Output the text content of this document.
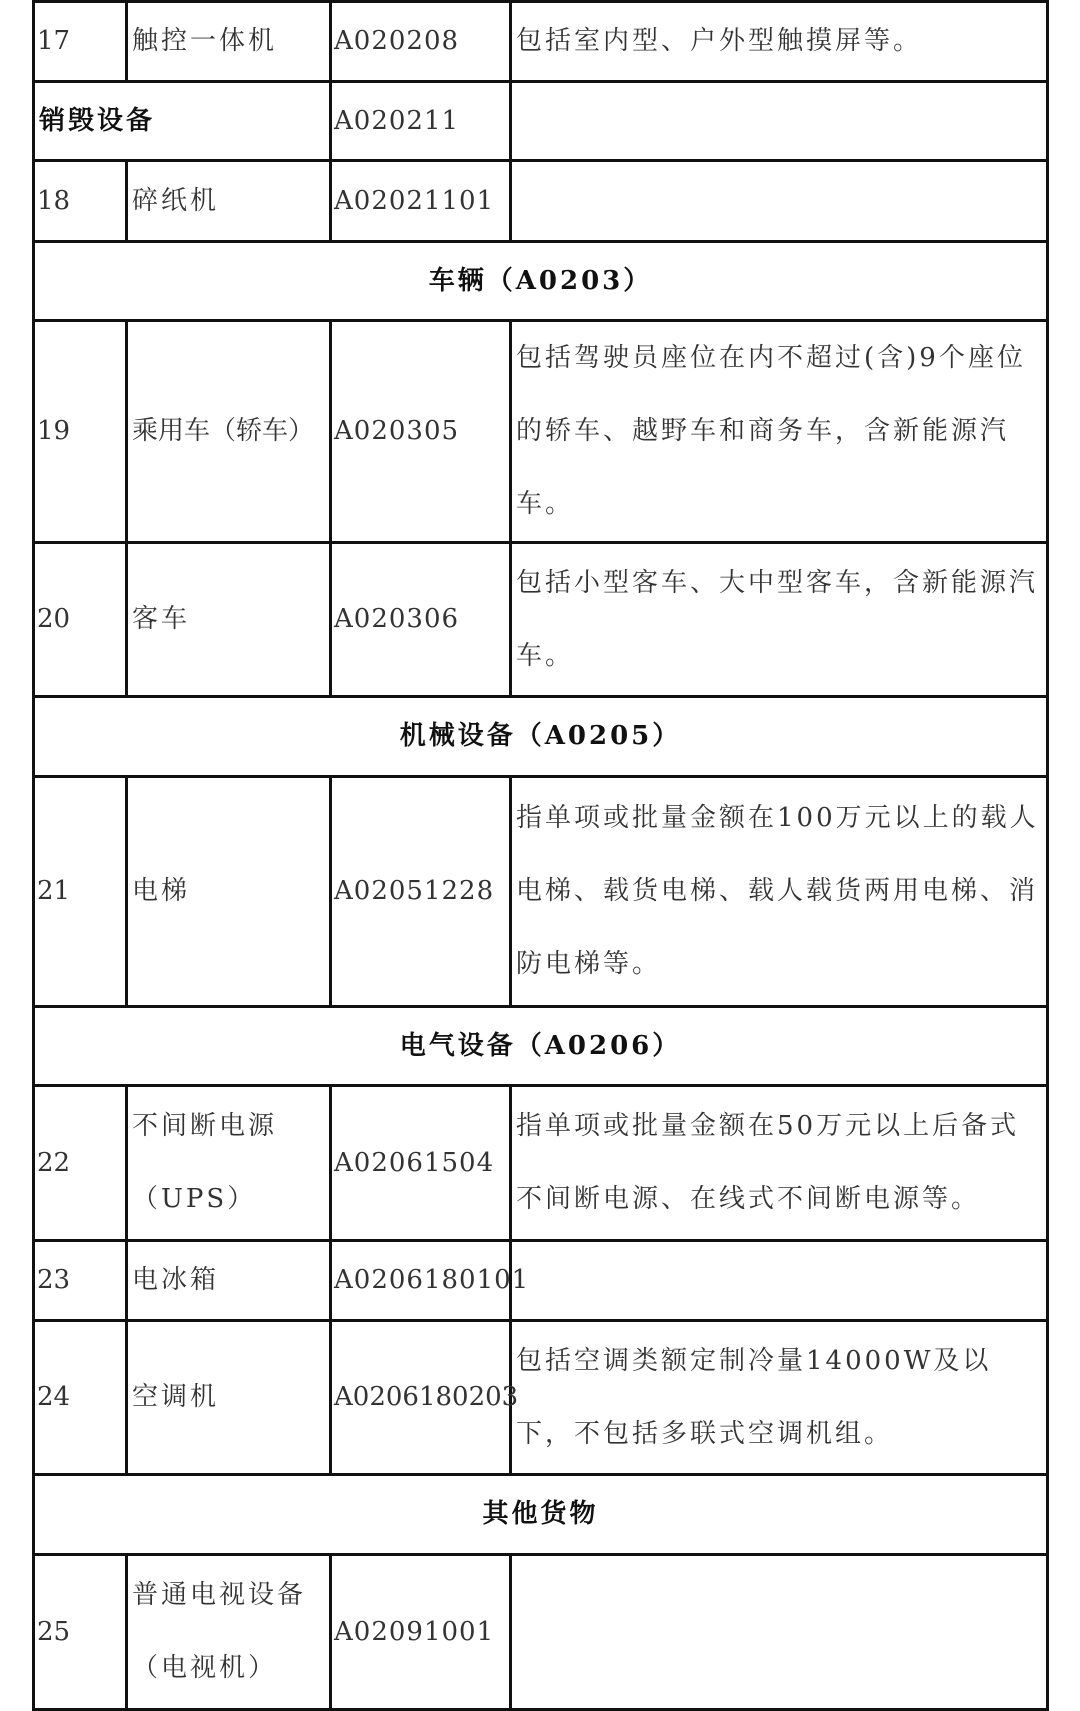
17	触控一体机	A020208	包括室内型、户外型触摸屏等。
销毁设备		A020211	
18	碎纸机	A02021101	
车辆（A0203）			
19	乘用车（轿车）	A020305	包括驾驶员座位在内不超过(含)9个座位的轿车、越野车和商务车，含新能源汽车。
20	客车	A020306	包括小型客车、大中型客车，含新能源汽车。
机械设备（A0205）			
21	电梯	A02051228	指单项或批量金额在100万元以上的载人电梯、载货电梯、载人载货两用电梯、消防电梯等。
电气设备（A0206）			
22	不间断电源（UPS）	A02061504	指单项或批量金额在50万元以上后备式不间断电源、在线式不间断电源等。
23	电冰箱	A0206180101	
24	空调机	A0206180203	包括空调类额定制冷量14000W及以下，不包括多联式空调机组。
其他货物			
25	普通电视设备（电视机）	A02091001	
